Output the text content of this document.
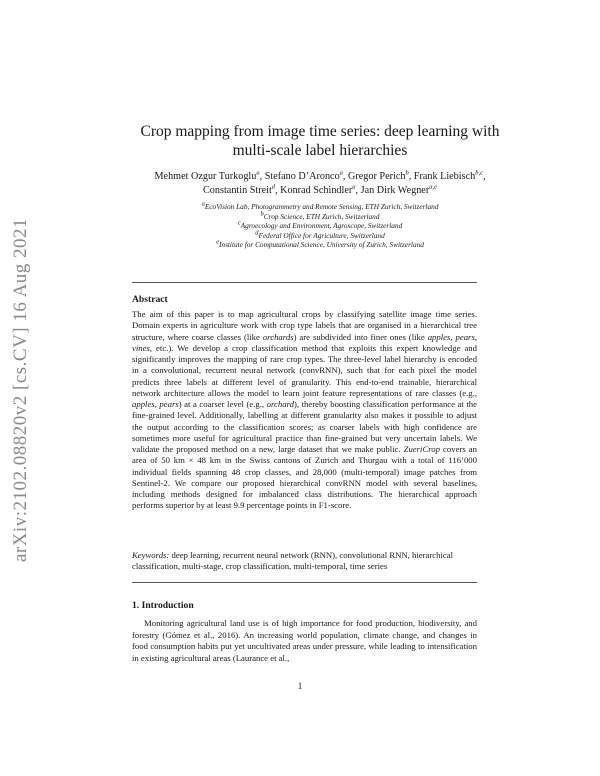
arXiv:2102.08820v2 [cs.CV] 16 Aug 2021
Crop mapping from image time series: deep learning with
multi-scale label hierarchies
Mehmet Ozgur Turkoglu$^a$, Stefano D’Aronco$^a$, Gregor Perich$^b$, Frank Liebisch$^{b,c}$,
Constantin Streit$^d$, Konrad Schindler$^a$, Jan Dirk Wegner$^{a,e}$
$^a$EcoVision Lab, Photogrammetry and Remote Sensing, ETH Zurich, Switzerland
$^b$Crop Science, ETH Zurich, Switzerland
$^c$Agroecology and Environment, Agroscope, Switzerland
$^d$Federal Office for Agriculture, Switzerland
$^e$Institute for Computational Science, University of Zurich, Switzerland
Abstract
The aim of this paper is to map agricultural crops by classifying satellite image time series. Domain experts in agriculture work with crop type labels that are organised in a hierarchical tree structure, where coarse classes (like orchards) are subdivided into finer ones (like apples, pears, vines, etc.). We develop a crop classification method that exploits this expert knowledge and significantly improves the mapping of rare crop types. The three-level label hierarchy is encoded in a convolutional, recurrent neural network (convRNN), such that for each pixel the model predicts three labels at different level of granularity. This end-to-end trainable, hierarchical network architecture allows the model to learn joint feature representations of rare classes (e.g., apples, pears) at a coarser level (e.g., orchard), thereby boosting classification performance at the fine-grained level. Additionally, labelling at different granularity also makes it possible to adjust the output according to the classification scores; as coarser labels with high confidence are sometimes more useful for agricultural practice than fine-grained but very uncertain labels. We validate the proposed method on a new, large dataset that we make public. ZueriCrop covers an area of 50 km × 48 km in the Swiss cantons of Zurich and Thurgau with a total of 116’000 individual fields spanning 48 crop classes, and 28,000 (multi-temporal) image patches from Sentinel-2. We compare our proposed hierarchical convRNN model with several baselines, including methods designed for imbalanced class distributions. The hierarchical approach performs superior by at least 9.9 percentage points in F1-score.
Keywords: deep learning, recurrent neural network (RNN), convolutional RNN, hierarchical classification, multi-stage, crop classification, multi-temporal, time series
1. Introduction
Monitoring agricultural land use is of high importance for food production, biodiversity, and forestry (Gómez et al., 2016). An increasing world population, climate change, and changes in food consumption habits put yet uncultivated areas under pressure, while leading to intensification in existing agricultural areas (Laurance et al.,
1
